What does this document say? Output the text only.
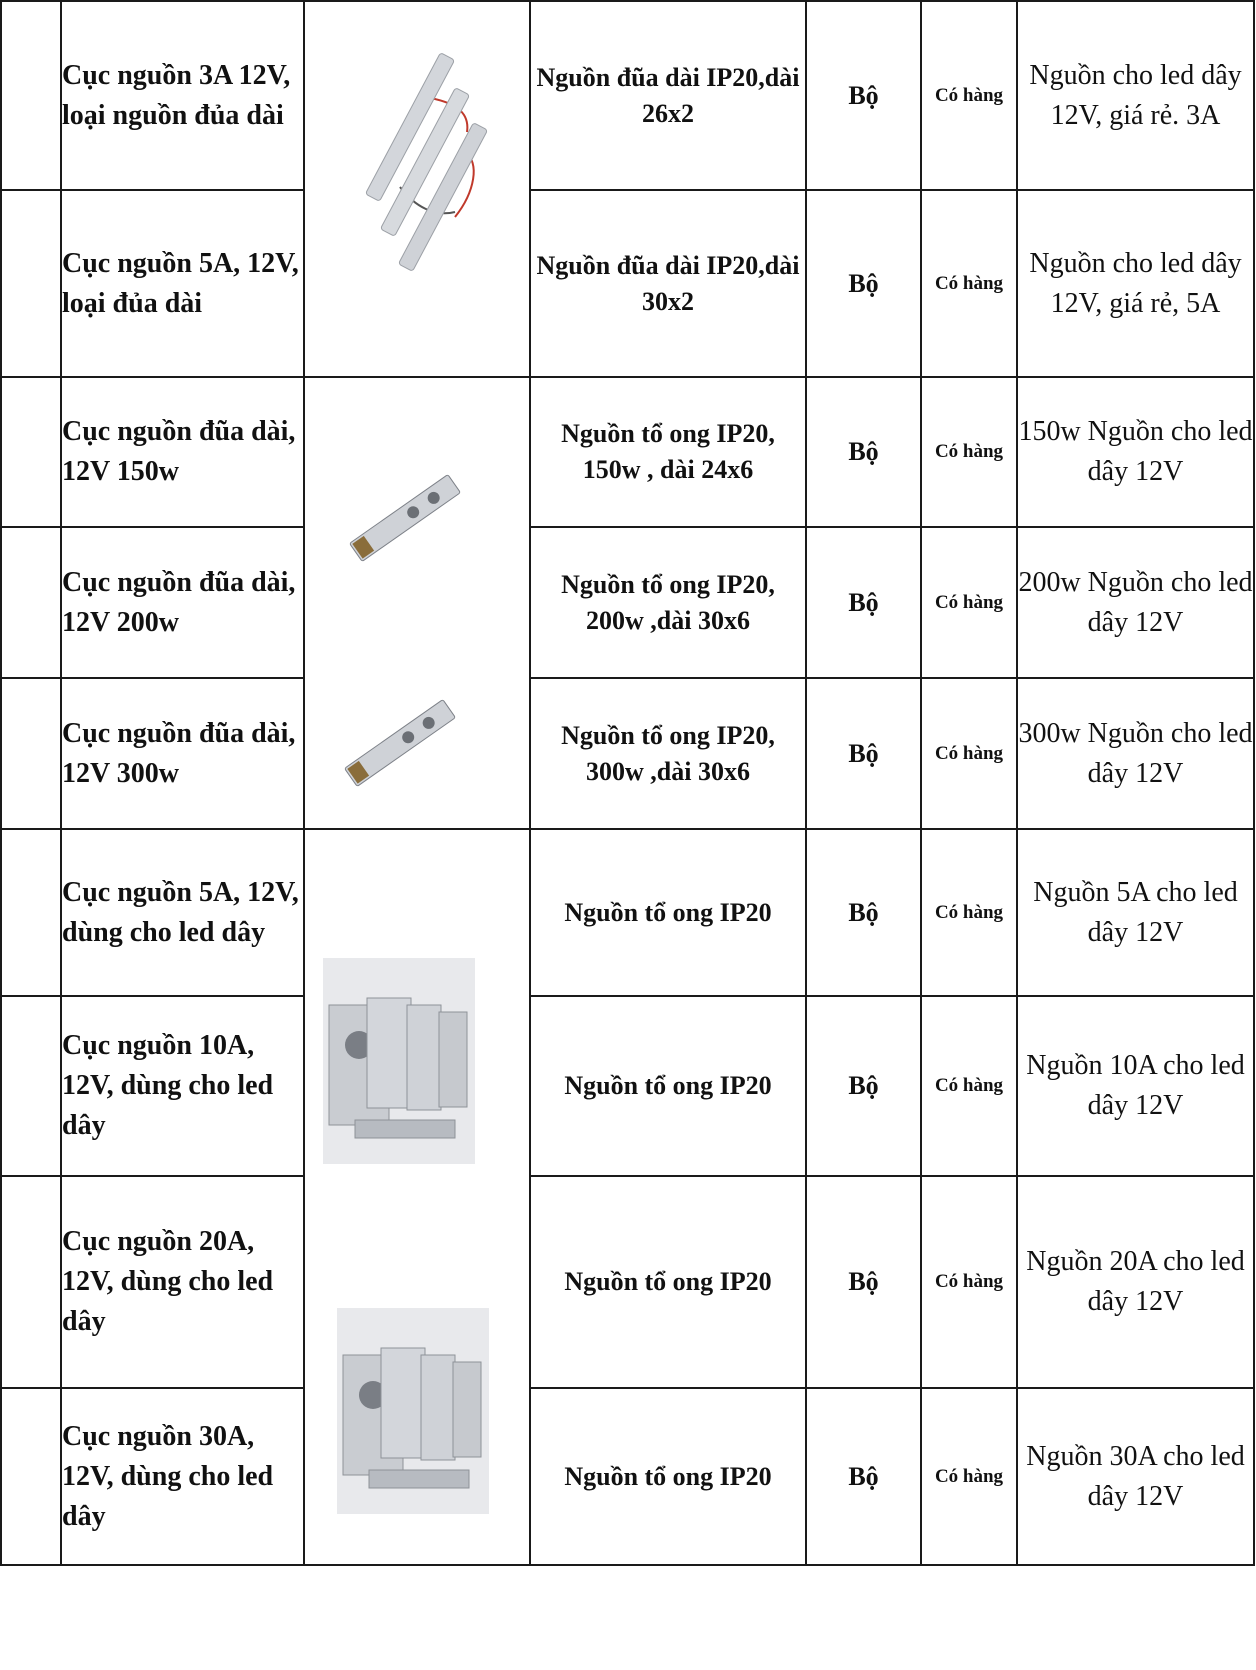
	Cục nguồn 3A 12V, loại nguồn đủa dài		Nguồn đũa dài IP20,dài 26x2	Bộ	Có hàng	Nguồn cho led dây 12V, giá rẻ. 3A
	Cục nguồn 5A, 12V, loại đủa dài		Nguồn đũa dài IP20,dài 30x2	Bộ	Có hàng	Nguồn cho led dây 12V, giá rẻ, 5A
	Cục nguồn đũa dài, 12V 150w		Nguồn tổ ong IP20, 150w , dài 24x6	Bộ	Có hàng	150w Nguồn cho led dây 12V
	Cục nguồn đũa dài, 12V 200w		Nguồn tổ ong IP20, 200w ,dài 30x6	Bộ	Có hàng	200w Nguồn cho led dây 12V
	Cục nguồn đũa dài, 12V 300w		Nguồn tổ ong IP20, 300w ,dài 30x6	Bộ	Có hàng	300w Nguồn cho led dây 12V
	Cục nguồn 5A, 12V, dùng cho led dây		Nguồn tổ ong IP20	Bộ	Có hàng	Nguồn 5A cho led dây 12V
	Cục nguồn 10A, 12V, dùng cho led dây		Nguồn tổ ong IP20	Bộ	Có hàng	Nguồn 10A cho led dây 12V
	Cục nguồn 20A, 12V, dùng cho led dây		Nguồn tổ ong IP20	Bộ	Có hàng	Nguồn 20A cho led dây 12V
	Cục nguồn 30A, 12V, dùng cho led dây		Nguồn tổ ong IP20	Bộ	Có hàng	Nguồn 30A cho led dây 12V
